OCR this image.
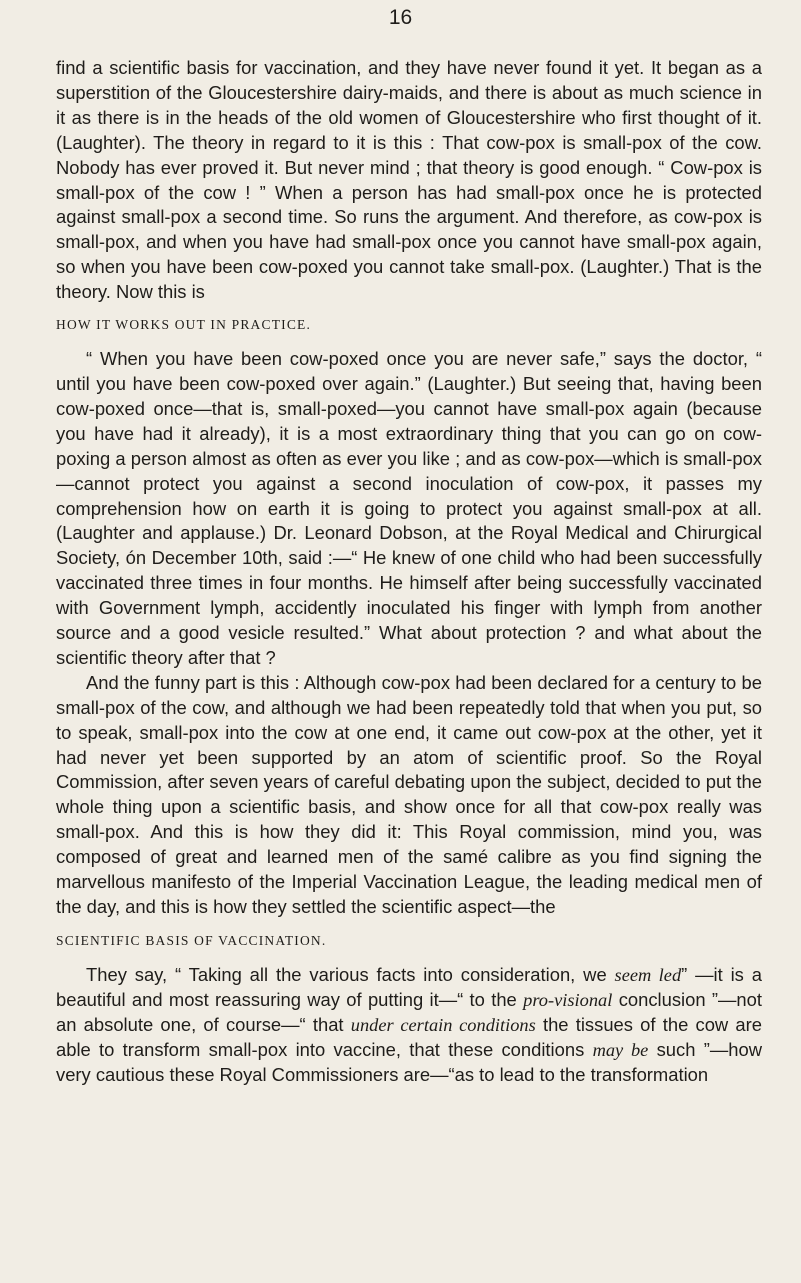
16

find a scientific basis for vaccination, and they have never found it yet. It began as a superstition of the Gloucestershire dairy-maids, and there is about as much science in it as there is in the heads of the old women of Gloucestershire who first thought of it. (Laughter). The theory in regard to it is this : That cow-pox is small-pox of the cow. Nobody has ever proved it. But never mind ; that theory is good enough. “ Cow-pox is small-pox of the cow ! ” When a person has had small-pox once he is protected against small-pox a second time. So runs the argument. And therefore, as cow-pox is small-pox, and when you have had small-pox once you cannot have small-pox again, so when you have been cow-poxed you cannot take small-pox. (Laughter.) That is the theory. Now this is

HOW IT WORKS OUT IN PRACTICE.

“ When you have been cow-poxed once you are never safe,” says the doctor, “ until you have been cow-poxed over again.” (Laughter.) But seeing that, having been cow-poxed once—that is, small-poxed—you cannot have small-pox again (because you have had it already), it is a most extraordinary thing that you can go on cow-poxing a person almost as often as ever you like ; and as cow-pox—which is small-pox—cannot protect you against a second inoculation of cow-pox, it passes my comprehension how on earth it is going to protect you against small-pox at all. (Laughter and applause.) Dr. Leonard Dobson, at the Royal Medical and Chirurgical Society, ón December 10th, said :—“ He knew of one child who had been successfully vaccinated three times in four months. He himself after being successfully vaccinated with Government lymph, accidently inoculated his finger with lymph from another source and a good vesicle resulted.” What about protection ? and what about the scientific theory after that ?

And the funny part is this : Although cow-pox had been declared for a century to be small-pox of the cow, and although we had been repeatedly told that when you put, so to speak, small-pox into the cow at one end, it came out cow-pox at the other, yet it had never yet been supported by an atom of scientific proof. So the Royal Commission, after seven years of careful debating upon the subject, decided to put the whole thing upon a scientific basis, and show once for all that cow-pox really was small-pox. And this is how they did it: This Royal commission, mind you, was composed of great and learned men of the samé calibre as you find signing the marvellous manifesto of the Imperial Vaccination League, the leading medical men of the day, and this is how they settled the scientific aspect—the

SCIENTIFIC BASIS OF VACCINATION.

They say, “ Taking all the various facts into consideration, we seem led” —it is a beautiful and most reassuring way of putting it—“ to the pro-visional conclusion ”—not an absolute one, of course—“ that under certain conditions the tissues of the cow are able to transform small-pox into vaccine, that these conditions may be such ”—how very cautious these Royal Commissioners are—“as to lead to the transformation
